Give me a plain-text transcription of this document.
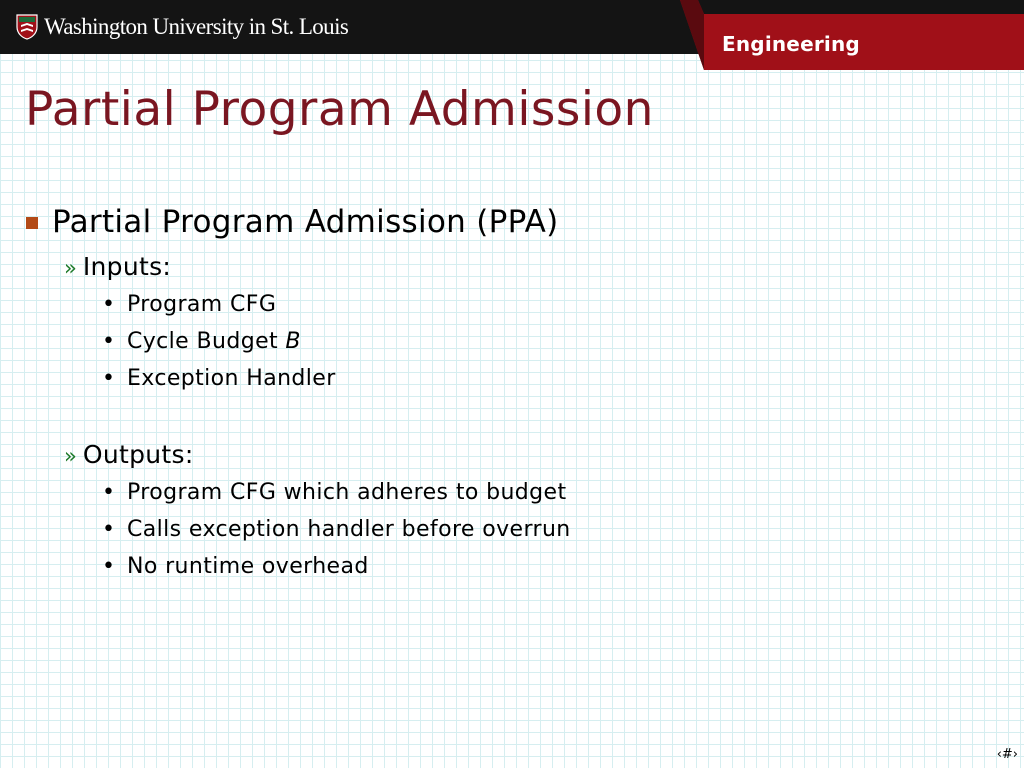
Washington University in St. Louis
Engineering
Partial Program Admission
Partial Program Admission (PPA)
» Inputs:
• Program CFG
• Cycle Budget B
• Exception Handler
» Outputs:
• Program CFG which adheres to budget
• Calls exception handler before overrun
• No runtime overhead
‹#›
